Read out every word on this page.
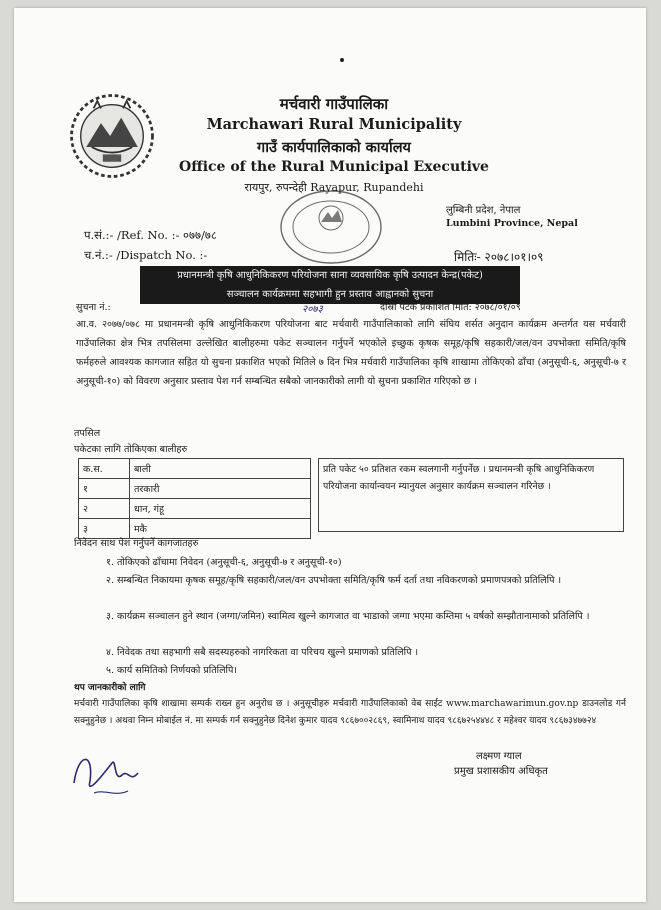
मर्चवारी गाउँपालिका
Marchawari Rural Municipality
गाउँ कार्यपालिकाको कार्यालय
Office of the Rural Municipal Executive
रायपुर, रुपन्देही Rayapur, Rupandehi
लुम्बिनी प्रदेश, नेपाल
Lumbini Province, Nepal
प.सं.:- /Ref. No. :- ०७७/७८
च.नं.:- /Dispatch No. :-	मितिः- २०७८।०१।०९
प्रधानमन्त्री कृषि आधुनिकिकरण परियोजना साना व्यवसायिक कृषि उत्पादन केन्द्र(पकेट)
सञ्चालन कार्यक्रममा सहभागी हुन प्रस्ताव आह्वानको सुचना
सुचना नं.:	२०७३	दोस्रो पटक प्रकाशित मिति: २०७८/०१/०९
आ.व. २०७७/०७८ मा प्रधानमन्त्री कृषि आधुनिकिकरण परियोजना बाट मर्चवारी गाउँपालिकाको लागि संघिय शर्सत अनुदान कार्यक्रम अन्तर्गत यस मर्चवारी गाउँपालिका क्षेत्र भित्र तपसिलमा उल्लेखित बालीहरुमा पकेट सञ्चालन गर्नुपर्ने भएकोले इच्छुक कृषक समूह/कृषि सहकारी/जल/वन उपभोक्ता समिति/कृषि फर्महरुले आवश्यक कागजात सहित यो सुचना प्रकाशित भएको मितिले ७ दिन भित्र मर्चवारी गाउँपालिका कृषि शाखामा तोकिएको ढाँचा (अनुसूची-६, अनुसूची-७ र अनुसूची-१०) को विवरण अनुसार प्रस्ताव पेश गर्न सम्बन्धित सबैको जानकारीको लागी यो सुचना प्रकाशित गरिएको छ ।
तपसिल
पकेटका लागि तोकिएका बालीहरु
क.स.	बाली
१	तरकारी
२	धान, गंहू
३	मकै
प्रति पकेट ५० प्रतिशत रकम स्वलगानी गर्नुपर्नेछ । प्रधानमन्त्री कृषि आधुनिकिकरण परियोजना कार्यान्वयन म्यानुयल अनुसार कार्यक्रम सञ्चालन गरिनेछ ।
निवेदन साथ पेश गर्नुपर्ने कागजातहरु
१. तोकिएको ढाँचामा निवेदन (अनुसूची-६, अनुसूची-७ र अनुसूची-१०)
२. सम्बन्धित निकायमा कृषक समूह/कृषि सहकारी/जल/वन उपभोक्ता समिति/कृषि फर्म दर्ता तथा नविकरणको प्रमाणपत्रको प्रतिलिपि ।
३. कार्यक्रम सञ्चालन हुने स्थान (जग्गा/जमिन) स्वामित्व खुल्ने कागजात वा भाडाको जग्गा भएमा कम्तिमा ५ वर्षको सम्झौतानामाको प्रतिलिपि ।
४. निवेदक तथा सहभागी सबै सदस्यहरुको नागरिकता वा परिचय खुल्ने प्रमाणको प्रतिलिपि ।
५. कार्य समितिको निर्णयको प्रतिलिपि।
थप जानकारीको लागि
मर्चवारी गाउँपालिका कृषि शाखामा सम्पर्क राख्न हुन अनुरोध छ । अनुसूचीहरु मर्चवारी गाउँपालिकाको वेब साईट www.marchawarimun.gov.np डाउनलोड गर्न सक्नुहुनेछ । अथवा निम्न मोबाईल नं. मा सम्पर्क गर्न सक्नुहुनेछ दिनेश कुमार यादव ९८६७००२८६९, स्वामिनाथ यादव ९८६७२५४४४८ र महेश्वर यादव ९८६७३४७७२४
लक्ष्मण ग्याल
प्रमुख प्रशासकीय अधिकृत
